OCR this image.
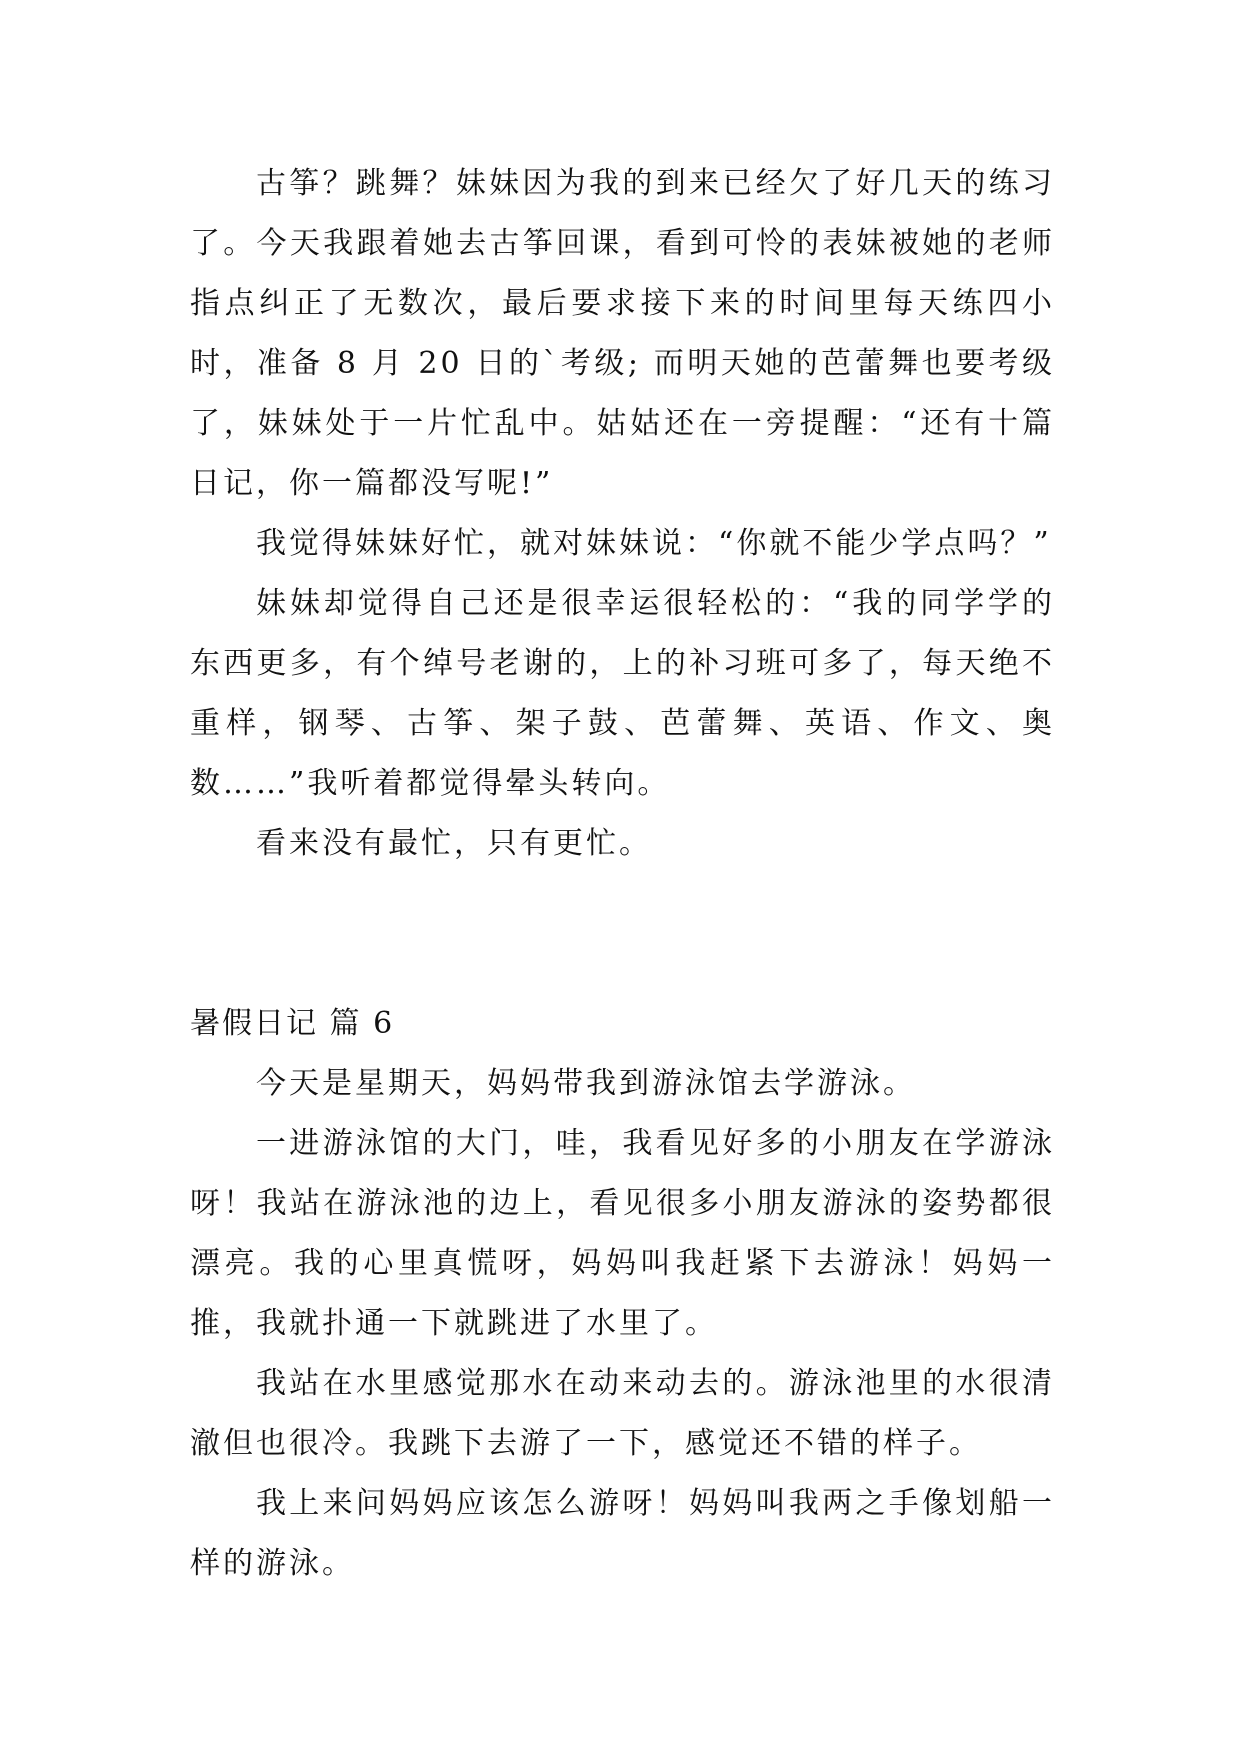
古筝？跳舞？妹妹因为我的到来已经欠了好几天的练习了。今天我跟着她去古筝回课，看到可怜的表妹被她的老师指点纠正了无数次，最后要求接下来的时间里每天练四小时，准备 8 月 20 日的`考级; 而明天她的芭蕾舞也要考级了，妹妹处于一片忙乱中。姑姑还在一旁提醒：“还有十篇日记，你一篇都没写呢!”

我觉得妹妹好忙，就对妹妹说：“你就不能少学点吗？”

妹妹却觉得自己还是很幸运很轻松的：“我的同学学的东西更多，有个绰号老谢的，上的补习班可多了，每天绝不重样，钢琴、古筝、架子鼓、芭蕾舞、英语、作文、奥数……”我听着都觉得晕头转向。

看来没有最忙，只有更忙。

暑假日记 篇 6

今天是星期天，妈妈带我到游泳馆去学游泳。

一进游泳馆的大门，哇，我看见好多的小朋友在学游泳呀！我站在游泳池的边上，看见很多小朋友游泳的姿势都很漂亮。我的心里真慌呀，妈妈叫我赶紧下去游泳！妈妈一推，我就扑通一下就跳进了水里了。

我站在水里感觉那水在动来动去的。游泳池里的水很清澈但也很冷。我跳下去游了一下，感觉还不错的样子。

我上来问妈妈应该怎么游呀！妈妈叫我两之手像划船一样的游泳。
